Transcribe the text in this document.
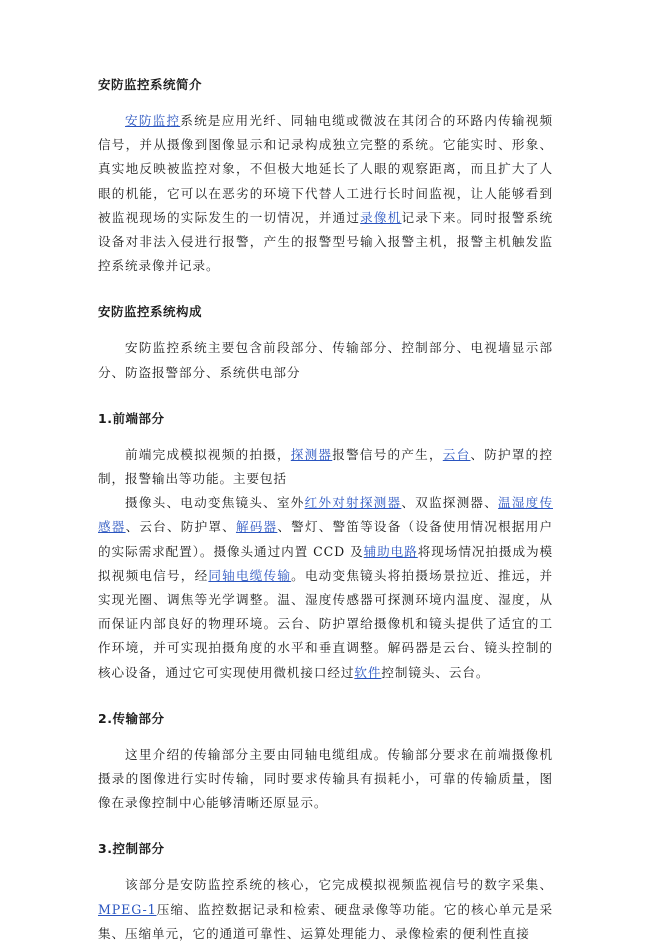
安防监控系统简介

安防监控系统是应用光纤、同轴电缆或微波在其闭合的环路内传输视频信号，并从摄像到图像显示和记录构成独立完整的系统。它能实时、形象、真实地反映被监控对象，不但极大地延长了人眼的观察距离，而且扩大了人眼的机能，它可以在恶劣的环境下代替人工进行长时间监视，让人能够看到被监视现场的实际发生的一切情况，并通过录像机记录下来。同时报警系统设备对非法入侵进行报警，产生的报警型号输入报警主机，报警主机触发监控系统录像并记录。

安防监控系统构成

安防监控系统主要包含前段部分、传输部分、控制部分、电视墙显示部分、防盗报警部分、系统供电部分

1.前端部分

前端完成模拟视频的拍摄，探测器报警信号的产生，云台、防护罩的控制，报警输出等功能。主要包括

摄像头、电动变焦镜头、室外红外对射探测器、双监探测器、温湿度传感器、云台、防护罩、解码器、警灯、警笛等设备（设备使用情况根据用户的实际需求配置）。摄像头通过内置 CCD 及辅助电路将现场情况拍摄成为模拟视频电信号，经同轴电缆传输。电动变焦镜头将拍摄场景拉近、推远，并实现光圈、调焦等光学调整。温、湿度传感器可探测环境内温度、湿度，从而保证内部良好的物理环境。云台、防护罩给摄像机和镜头提供了适宜的工作环境，并可实现拍摄角度的水平和垂直调整。解码器是云台、镜头控制的核心设备，通过它可实现使用微机接口经过软件控制镜头、云台。

2.传输部分

这里介绍的传输部分主要由同轴电缆组成。传输部分要求在前端摄像机摄录的图像进行实时传输，同时要求传输具有损耗小，可靠的传输质量，图像在录像控制中心能够清晰还原显示。

3.控制部分

该部分是安防监控系统的核心，它完成模拟视频监视信号的数字采集、MPEG-1压缩、监控数据记录和检索、硬盘录像等功能。它的核心单元是采集、压缩单元，它的通道可靠性、运算处理能力、录像检索的便利性直接
